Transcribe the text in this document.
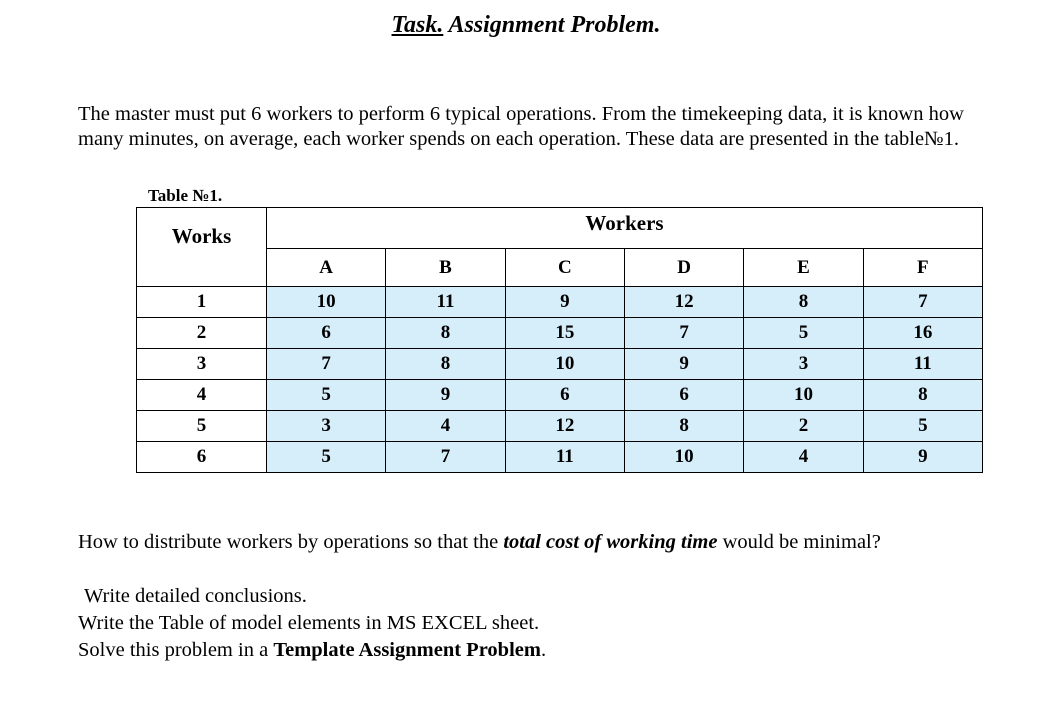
Task. Assignment Problem.
The master must put 6 workers to perform 6 typical operations. From the timekeeping data, it is known how many minutes, on average, each worker spends on each operation. These data are presented in the table№1.
Table №1.
Works	Workers					
	A	B	C	D	E	F
1	10	11	9	12	8	7
2	6	8	15	7	5	16
3	7	8	10	9	3	11
4	5	9	6	6	10	8
5	3	4	12	8	2	5
6	5	7	11	10	4	9
How to distribute workers by operations so that the total cost of working time would be minimal?
Write detailed conclusions.
Write the Table of model elements in MS EXCEL sheet.
Solve this problem in a Template Assignment Problem.
